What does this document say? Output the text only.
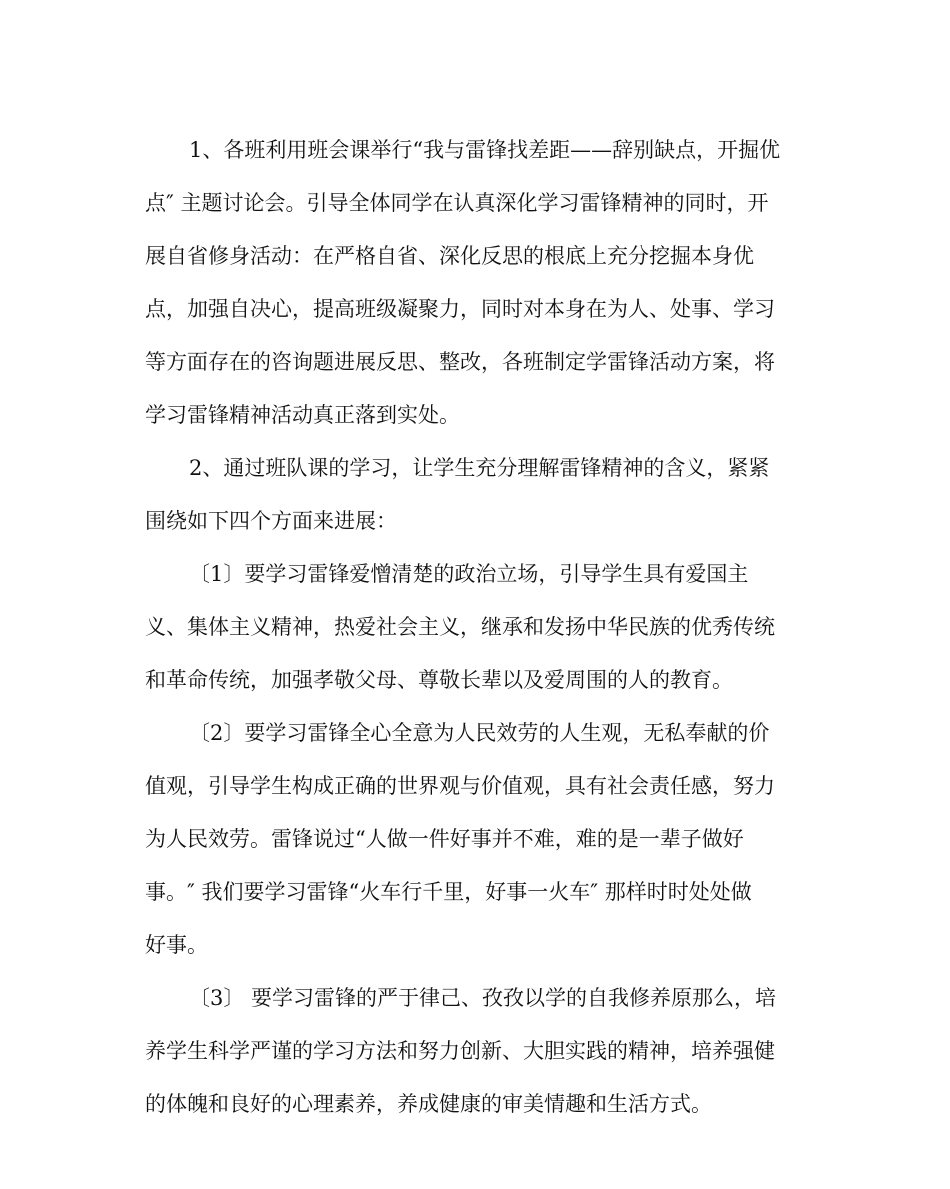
1、各班利用班会课举行“我与雷锋找差距——辞别缺点，开掘优
点″ 主题讨论会。引导全体同学在认真深化学习雷锋精神的同时，开
展自省修身活动：在严格自省、深化反思的根底上充分挖掘本身优
点，加强自决心，提高班级凝聚力，同时对本身在为人、处事、学习
等方面存在的咨询题进展反思、整改，各班制定学雷锋活动方案，将
学习雷锋精神活动真正落到实处。
2、通过班队课的学习，让学生充分理解雷锋精神的含义，紧紧
围绕如下四个方面来进展：
〔1〕要学习雷锋爱憎清楚的政治立场，引导学生具有爱国主
义、集体主义精神，热爱社会主义，继承和发扬中华民族的优秀传统
和革命传统，加强孝敬父母、尊敬长辈以及爱周围的人的教育。
〔2〕要学习雷锋全心全意为人民效劳的人生观，无私奉献的价
值观，引导学生构成正确的世界观与价值观，具有社会责任感，努力
为人民效劳。雷锋说过“人做一件好事并不难，难的是一辈子做好
事。″ 我们要学习雷锋“火车行千里，好事一火车″ 那样时时处处做
好事。
〔3〕 要学习雷锋的严于律己、孜孜以学的自我修养原那么，培
养学生科学严谨的学习方法和努力创新、大胆实践的精神，培养强健
的体魄和良好的心理素养，养成健康的审美情趣和生活方式。
